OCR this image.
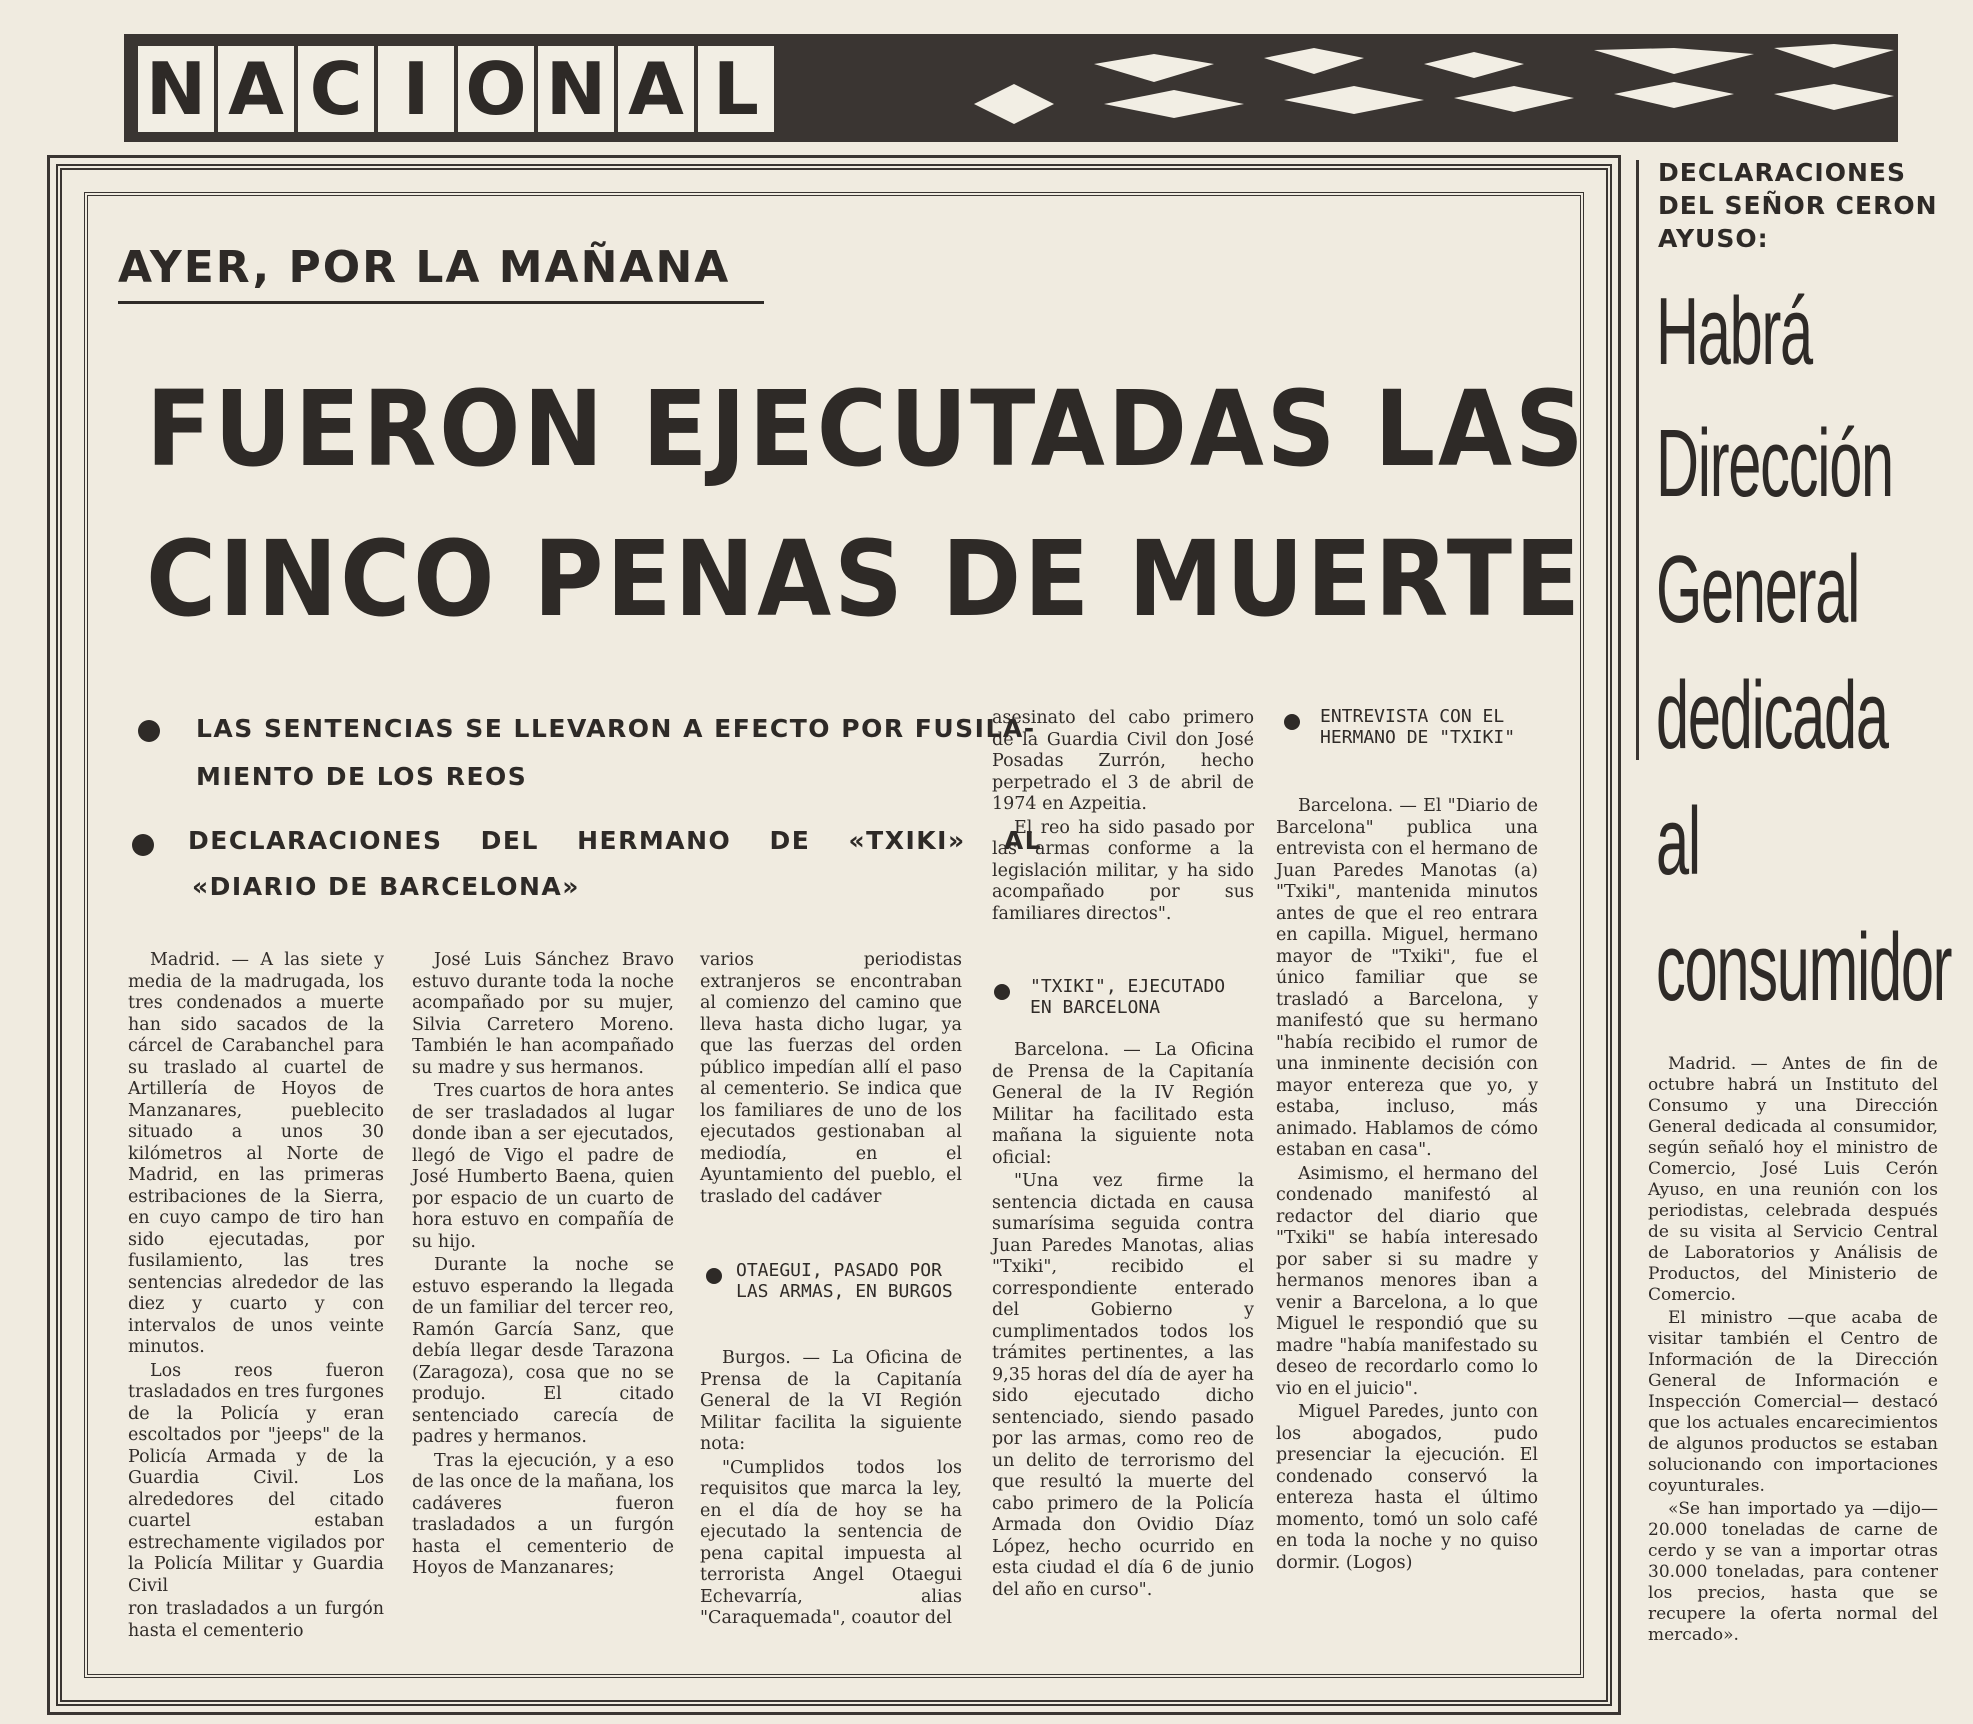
N A C I O N A L
AYER, POR LA MAÑANA
FUERON EJECUTADAS LAS
CINCO PENAS DE MUERTE
LAS SENTENCIAS SE LLEVARON A EFECTO POR FUSILA-
MIENTO DE LOS REOS
DECLARACIONES DEL HERMANO DE «TXIKI» AL
«DIARIO DE BARCELONA»

Madrid. — A las siete y media de la madrugada, los tres condenados a muerte han sido sacados de la cárcel de Carabanchel para su traslado al cuartel de Artillería de Hoyos de Manzanares, pueblecito situado a unos 30 kilómetros al Norte de Madrid, en las primeras estribaciones de la Sierra, en cuyo campo de tiro han sido ejecutadas, por fusilamiento, las tres sentencias alrededor de las diez y cuarto y con intervalos de unos veinte minutos.

Los reos fueron trasladados en tres furgones de la Policía y eran escoltados por "jeeps" de la Policía Armada y de la Guardia Civil. Los alrededores del citado cuartel estaban estrechamente vigilados por la Policía Militar y Guardia Civil

ron trasladados a un furgón hasta el cementerio

José Luis Sánchez Bravo estuvo durante toda la noche acompañado por su mujer, Silvia Carretero Moreno. También le han acompañado su madre y sus hermanos.

Tres cuartos de hora antes de ser trasladados al lugar donde iban a ser ejecutados, llegó de Vigo el padre de José Humberto Baena, quien por espacio de un cuarto de hora estuvo en compañía de su hijo.

Durante la noche se estuvo esperando la llegada de un familiar del tercer reo, Ramón García Sanz, que debía llegar desde Tarazona (Zaragoza), cosa que no se produjo. El citado sentenciado carecía de padres y hermanos.

Tras la ejecución, y a eso de las once de la mañana, los cadáveres fueron trasladados a un furgón hasta el cementerio de Hoyos de Manzanares;

varios periodistas extranjeros se encontraban al comienzo del camino que lleva hasta dicho lugar, ya que las fuerzas del orden público impedían allí el paso al cementerio. Se indica que los familiares de uno de los ejecutados gestionaban al mediodía, en el Ayuntamiento del pueblo, el traslado del cadáver

OTAEGUI, PASADO POR LAS ARMAS, EN BURGOS

Burgos. — La Oficina de Prensa de la Capitanía General de la VI Región Militar facilita la siguiente nota:

"Cumplidos todos los requisitos que marca la ley, en el día de hoy se ha ejecutado la sentencia de pena capital impuesta al terrorista Angel Otaegui Echevarría, alias "Caraquemada", coautor del

asesinato del cabo primero de la Guardia Civil don José Posadas Zurrón, hecho perpetrado el 3 de abril de 1974 en Azpeitia.

El reo ha sido pasado por las armas conforme a la legislación militar, y ha sido acompañado por sus familiares directos".

"TXIKI", EJECUTADO EN BARCELONA

Barcelona. — La Oficina de Prensa de la Capitanía General de la IV Región Militar ha facilitado esta mañana la siguiente nota oficial:

"Una vez firme la sentencia dictada en causa sumarísima seguida contra Juan Paredes Manotas, alias "Txiki", recibido el correspondiente enterado del Gobierno y cumplimentados todos los trámites pertinentes, a las 9,35 horas del día de ayer ha sido ejecutado dicho sentenciado, siendo pasado por las armas, como reo de un delito de terrorismo del que resultó la muerte del cabo primero de la Policía Armada don Ovidio Díaz López, hecho ocurrido en esta ciudad el día 6 de junio del año en curso".

ENTREVISTA CON EL HERMANO DE "TXIKI"

Barcelona. — El "Diario de Barcelona" publica una entrevista con el hermano de Juan Paredes Manotas (a) "Txiki", mantenida minutos antes de que el reo entrara en capilla. Miguel, hermano mayor de "Txiki", fue el único familiar que se trasladó a Barcelona, y manifestó que su hermano "había recibido el rumor de una inminente decisión con mayor entereza que yo, y estaba, incluso, más animado. Hablamos de cómo estaban en casa".

Asimismo, el hermano del condenado manifestó al redactor del diario que "Txiki" se había interesado por saber si su madre y hermanos menores iban a venir a Barcelona, a lo que Miguel le respondió que su madre "había manifestado su deseo de recordarlo como lo vio en el juicio".

Miguel Paredes, junto con los abogados, pudo presenciar la ejecución. El condenado conservó la entereza hasta el último momento, tomó un solo café en toda la noche y no quiso dormir. (Logos)

DECLARACIONES DEL SEÑOR CERON AYUSO:
Habrá
Dirección
General
dedicada
al
consumidor

Madrid. — Antes de fin de octubre habrá un Instituto del Consumo y una Dirección General dedicada al consumidor, según señaló hoy el ministro de Comercio, José Luis Cerón Ayuso, en una reunión con los periodistas, celebrada después de su visita al Servicio Central de Laboratorios y Análisis de Productos, del Ministerio de Comercio.

El ministro —que acaba de visitar también el Centro de Información de la Dirección General de Información e Inspección Comercial— destacó que los actuales encarecimientos de algunos productos se estaban solucionando con importaciones coyunturales.

«Se han importado ya —dijo— 20.000 toneladas de carne de cerdo y se van a importar otras 30.000 toneladas, para contener los precios, hasta que se recupere la oferta normal del mercado».
